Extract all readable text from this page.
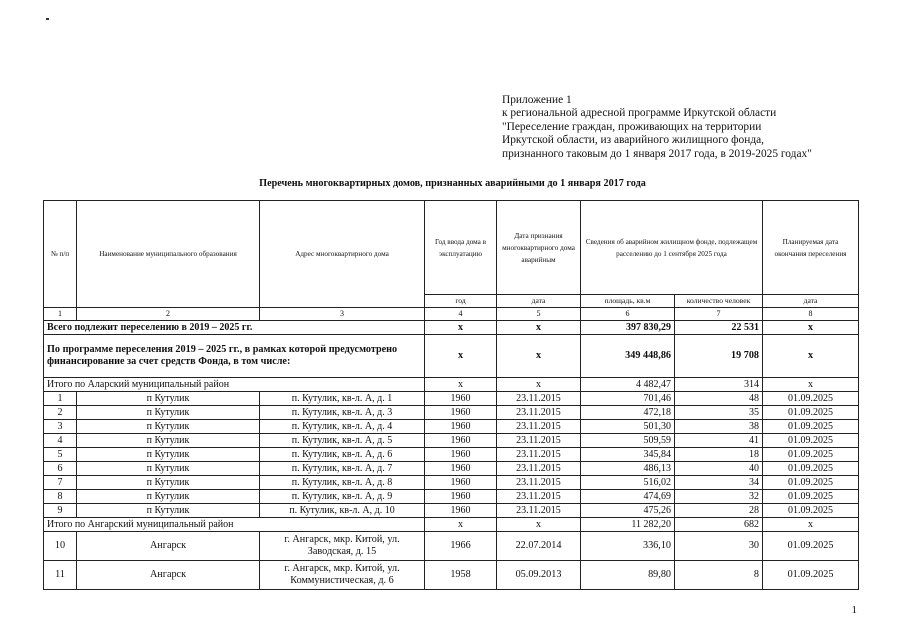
Приложение 1
к региональной адресной программе Иркутской области
"Переселение граждан, проживающих на территории
Иркутской области, из аварийного жилищного фонда,
признанного таковым до 1 января 2017 года, в 2019-2025 годах"
Перечень многоквартирных домов, признанных аварийными до 1 января 2017 года
№ п/п	Наименование муниципального образования	Адрес многоквартирного дома	Год ввода дома в эксплуатацию	Дата признания многоквартирного дома аварийным	Сведения об аварийном жилищном фонде, подлежащем расселению до 1 сентября 2025 года		Планируемая дата окончания переселения
			год	дата	площадь, кв.м	количество человек	дата
1	2	3	4	5	6	7	8
Всего подлежит переселению в 2019 – 2025 гг.			x	x	397 830,29	22 531	x
По программе переселения 2019 – 2025 гг., в рамках которой предусмотрено финансирование за счет средств Фонда, в том числе:			x	x	349 448,86	19 708	x
Итого по Аларский муниципальный район			x	x	4 482,47	314	x
1	п Кутулик	п. Кутулик, кв-л. А, д. 1	1960	23.11.2015	701,46	48	01.09.2025
2	п Кутулик	п. Кутулик, кв-л. А, д. 3	1960	23.11.2015	472,18	35	01.09.2025
3	п Кутулик	п. Кутулик, кв-л. А, д. 4	1960	23.11.2015	501,30	38	01.09.2025
4	п Кутулик	п. Кутулик, кв-л. А, д. 5	1960	23.11.2015	509,59	41	01.09.2025
5	п Кутулик	п. Кутулик, кв-л. А, д. 6	1960	23.11.2015	345,84	18	01.09.2025
6	п Кутулик	п. Кутулик, кв-л. А, д. 7	1960	23.11.2015	486,13	40	01.09.2025
7	п Кутулик	п. Кутулик, кв-л. А, д. 8	1960	23.11.2015	516,02	34	01.09.2025
8	п Кутулик	п. Кутулик, кв-л. А, д. 9	1960	23.11.2015	474,69	32	01.09.2025
9	п Кутулик	п. Кутулик, кв-л. А, д. 10	1960	23.11.2015	475,26	28	01.09.2025
Итого по Ангарский муниципальный район			x	x	11 282,20	682	x
10	Ангарск	г. Ангарск, мкр. Китой, ул. Заводская, д. 15	1966	22.07.2014	336,10	30	01.09.2025
11	Ангарск	г. Ангарск, мкр. Китой, ул. Коммунистическая, д. 6	1958	05.09.2013	89,80	8	01.09.2025
1
